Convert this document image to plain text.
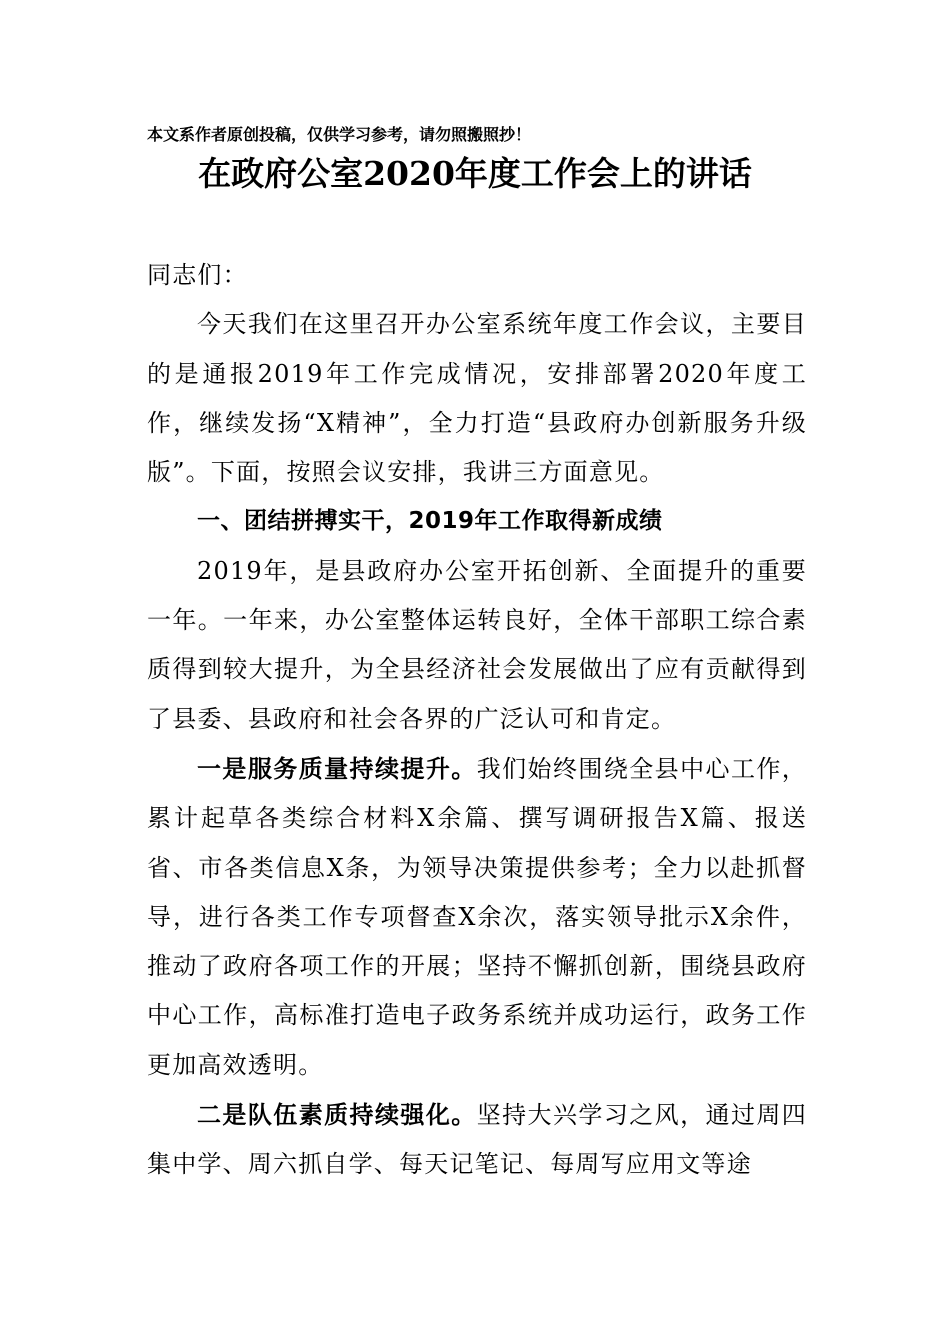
本文系作者原创投稿，仅供学习参考，请勿照搬照抄！
在政府公室2020年度工作会上的讲话

同志们：

今天我们在这里召开办公室系统年度工作会议，主要目的是通报2019年工作完成情况，安排部署2020年度工作，继续发扬“X精神”，全力打造“县政府办创新服务升级版”。下面，按照会议安排，我讲三方面意见。

一、团结拼搏实干，2019年工作取得新成绩

2019年，是县政府办公室开拓创新、全面提升的重要一年。一年来，办公室整体运转良好，全体干部职工综合素质得到较大提升，为全县经济社会发展做出了应有贡献得到了县委、县政府和社会各界的广泛认可和肯定。

一是服务质量持续提升。我们始终围绕全县中心工作，累计起草各类综合材料X余篇、撰写调研报告X篇、报送省、市各类信息X条，为领导决策提供参考；全力以赴抓督导，进行各类工作专项督查X余次，落实领导批示X余件，推动了政府各项工作的开展；坚持不懈抓创新，围绕县政府中心工作，高标准打造电子政务系统并成功运行，政务工作更加高效透明。

二是队伍素质持续强化。坚持大兴学习之风，通过周四集中学、周六抓自学、每天记笔记、每周写应用文等途
